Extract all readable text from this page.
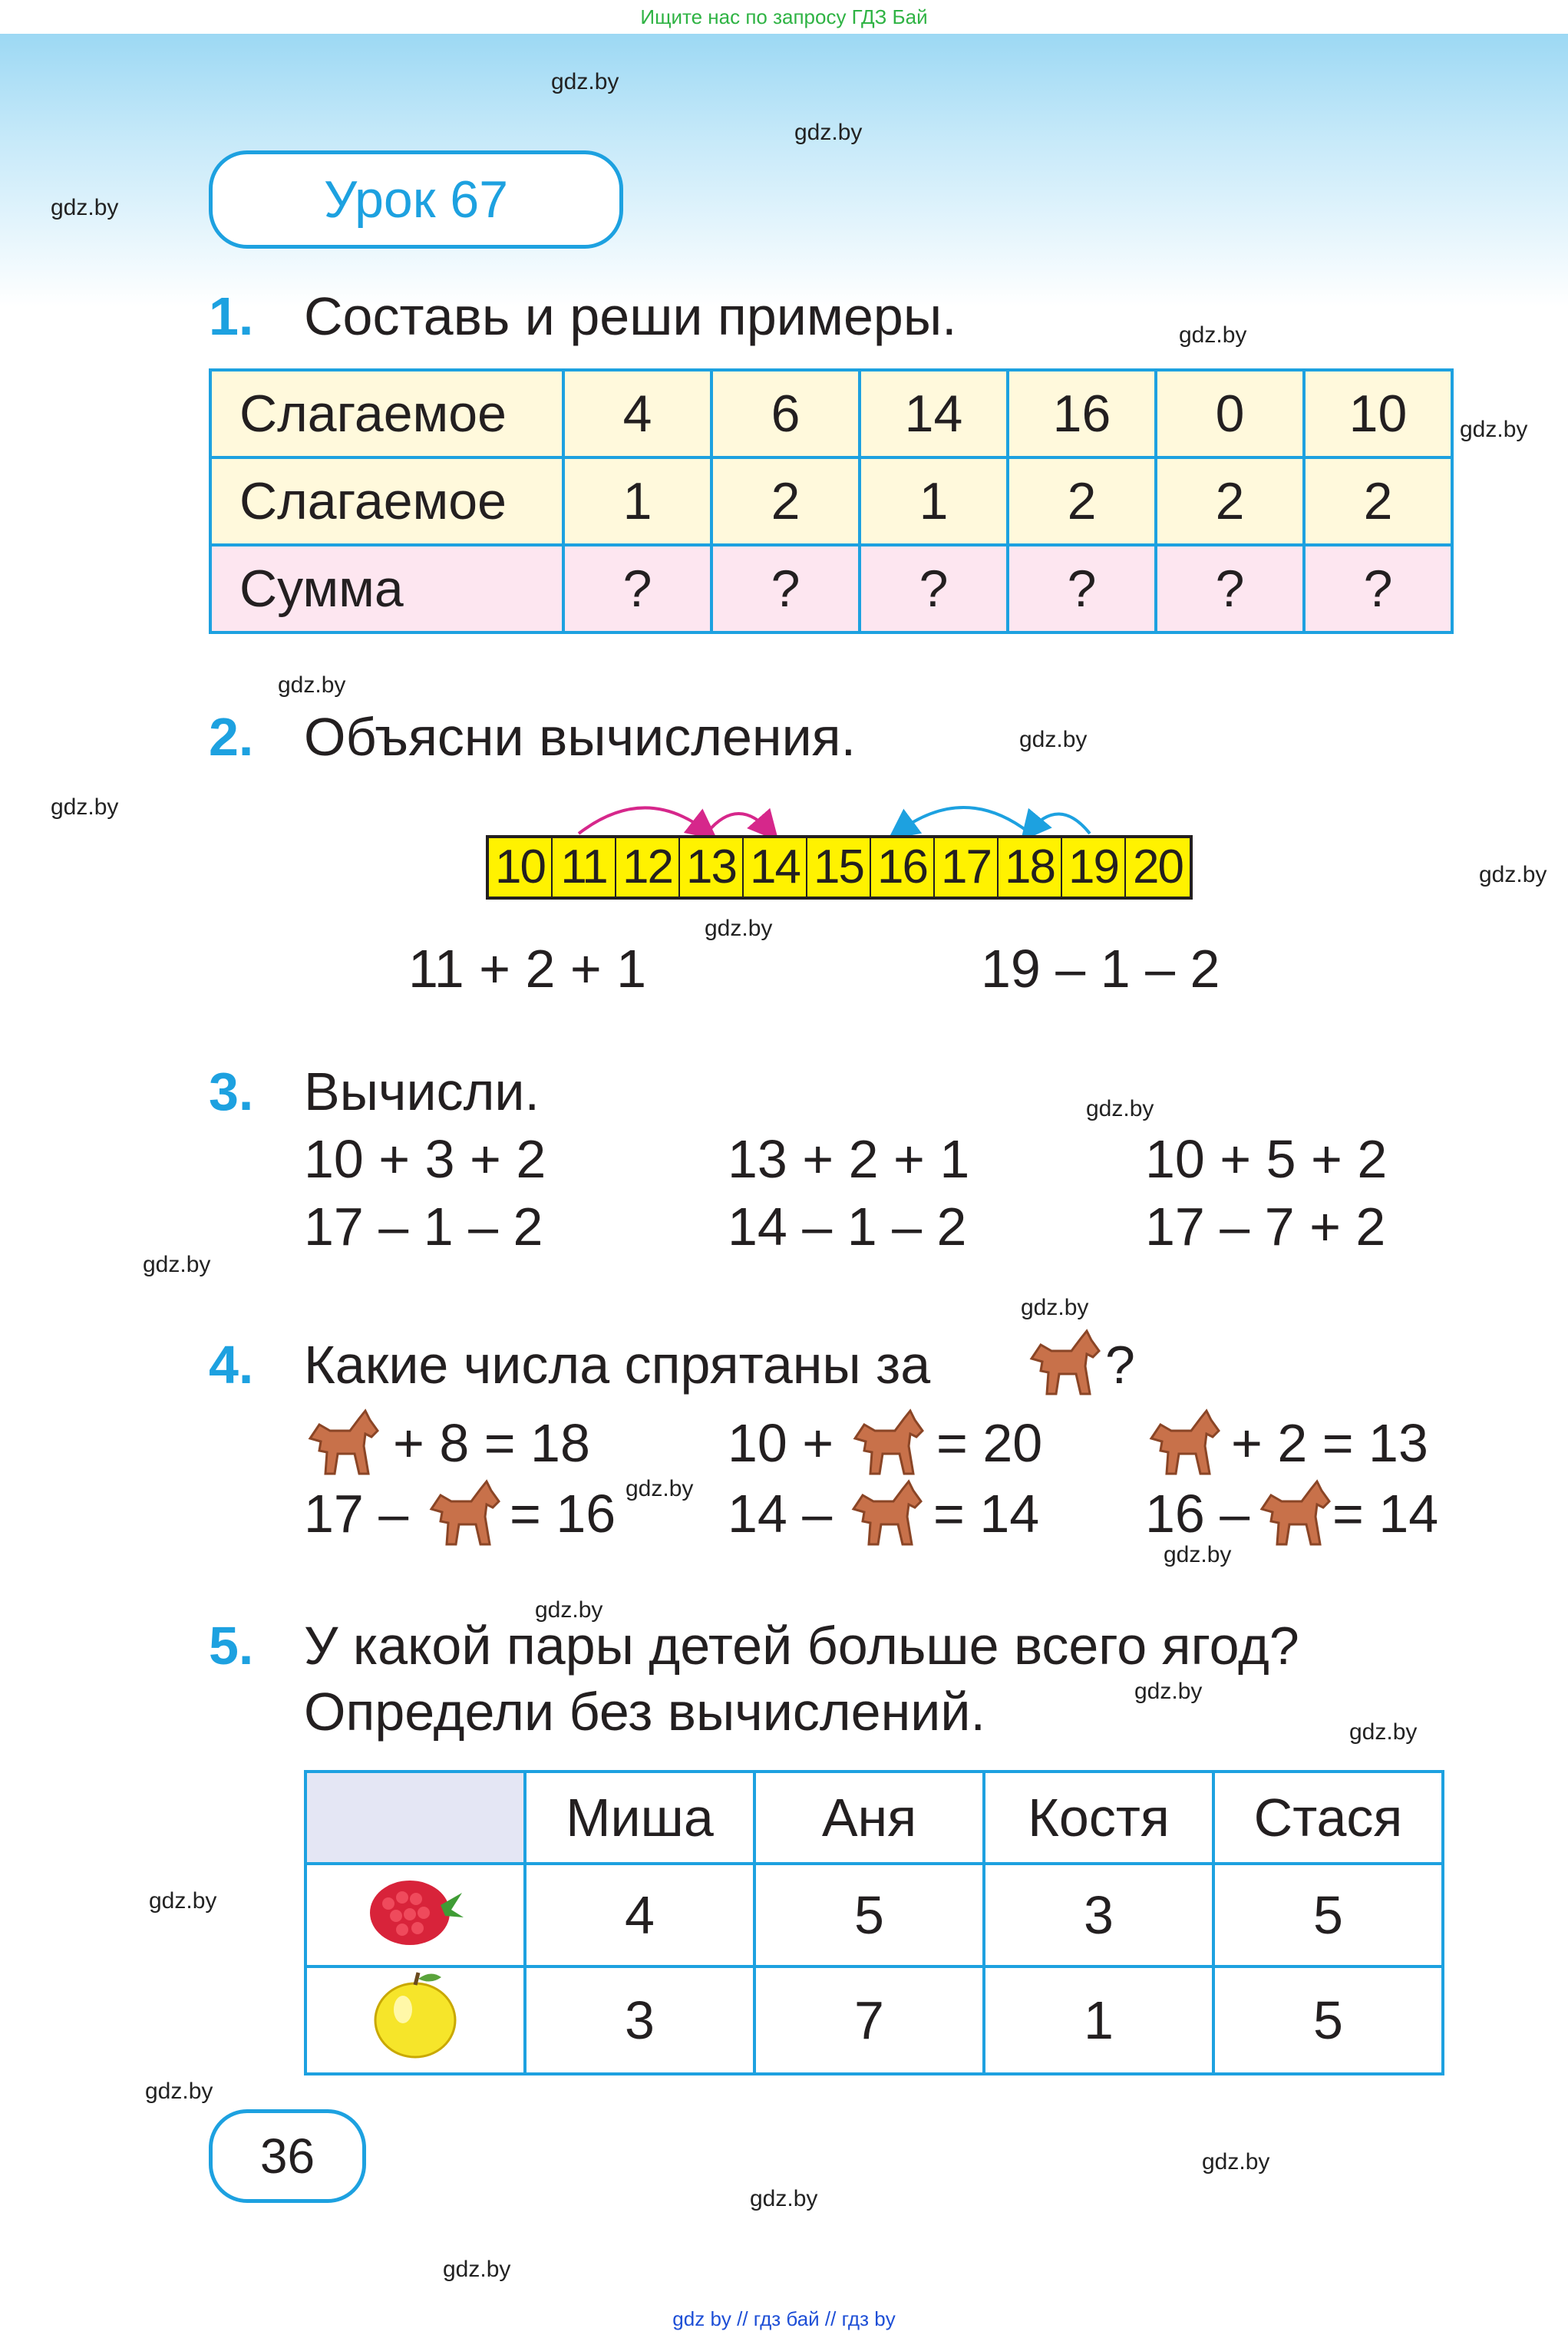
Ищите нас по запросу ГДЗ Бай
gdz.by
gdz.by
gdz.by
gdz.by
gdz.by
gdz.by
gdz.by
gdz.by
gdz.by
gdz.by
gdz.by
gdz.by
gdz.by
gdz.by
gdz.by
gdz.by
gdz.by
gdz.by
gdz.by
gdz.by
gdz.by
gdz.by
gdz.by
Урок 67
1. Составь и реши примеры.
Слагаемое	4	6	14	16	0	10
Слагаемое	1	2	1	2	2	2
Сумма	?	?	?	?	?	?
2. Объясни вычисления.
10 11 12 13 14 15 16 17 18 19 20
11 + 2 + 1	19 – 1 – 2
3. Вычисли.
10 + 3 + 2	13 + 2 + 1	10 + 5 + 2
17 – 1 – 2	14 – 1 – 2	17 – 7 + 2
4. Какие числа спрятаны за	?
+ 8 = 18	10 + = 20	+ 2 = 13
17 – = 16 14 – = 14 16 – = 14
5. У какой пары детей больше всего ягод?
Определи без вычислений.
	Миша	Аня	Костя	Стася
	4	5	3	5
	3	7	1	5
36
gdz by // гдз бай // гдз by
